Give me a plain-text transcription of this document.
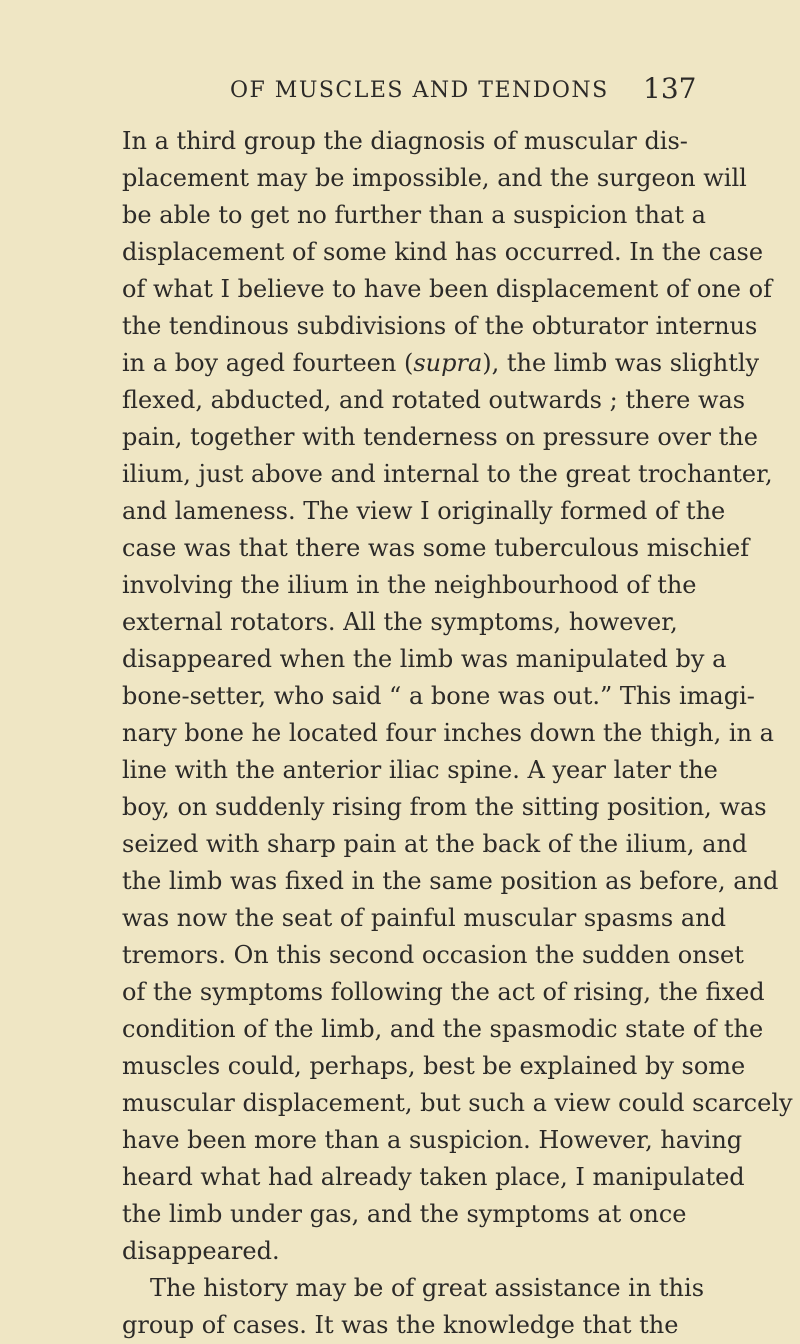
OF MUSCLES AND TENDONS 137
In a third group the diagnosis of muscular dis-
placement may be impossible, and the surgeon will
be able to get no further than a suspicion that a
displacement of some kind has occurred. In the case
of what I believe to have been displacement of one of
the tendinous subdivisions of the obturator internus
in a boy aged fourteen (supra), the limb was slightly
flexed, abducted, and rotated outwards ; there was
pain, together with tenderness on pressure over the
ilium, just above and internal to the great trochanter,
and lameness. The view I originally formed of the
case was that there was some tuberculous mischief
involving the ilium in the neighbourhood of the
external rotators. All the symptoms, however,
disappeared when the limb was manipulated by a
bone-setter, who said “ a bone was out.” This imagi-
nary bone he located four inches down the thigh, in a
line with the anterior iliac spine. A year later the
boy, on suddenly rising from the sitting position, was
seized with sharp pain at the back of the ilium, and
the limb was fixed in the same position as before, and
was now the seat of painful muscular spasms and
tremors. On this second occasion the sudden onset
of the symptoms following the act of rising, the fixed
condition of the limb, and the spasmodic state of the
muscles could, perhaps, best be explained by some
muscular displacement, but such a view could scarcely
have been more than a suspicion. However, having
heard what had already taken place, I manipulated
the limb under gas, and the symptoms at once
disappeared.
The history may be of great assistance in this
group of cases. It was the knowledge that the
